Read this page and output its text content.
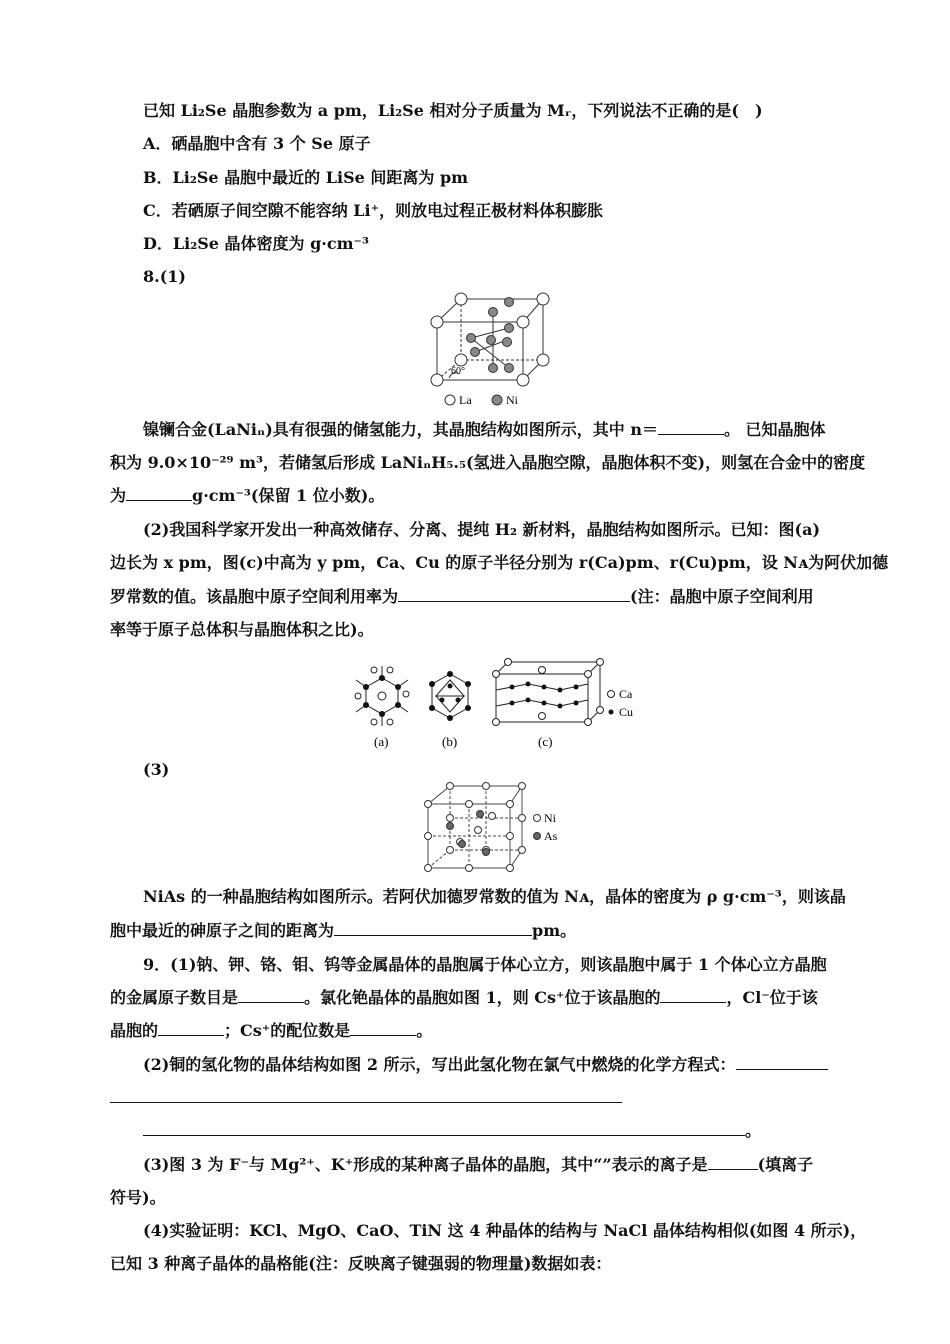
已知 Li₂Se 晶胞参数为 a pm，Li₂Se 相对分子质量为 Mᵣ，下列说法不正确的是(　)
A．硒晶胞中含有 3 个 Se 原子
B．Li₂Se 晶胞中最近的 LiSe 间距离为 pm
C．若硒原子间空隙不能容纳 Li⁺，则放电过程正极材料体积膨胀
D．Li₂Se 晶体密度为 g·cm⁻³
8.(1)
60°
La	Ni
镍镧合金(LaNiₙ)具有很强的储氢能力，其晶胞结构如图所示，其中 n＝	。 已知晶胞体
积为 9.0×10⁻²⁹ m³，若储氢后形成 LaNiₙH₅.₅(氢进入晶胞空隙，晶胞体积不变)，则氢在合金中的密度
为	g·cm⁻³(保留 1 位小数)。
(2)我国科学家开发出一种高效储存、分离、提纯 H₂ 新材料，晶胞结构如图所示。已知：图(a)
边长为 x pm，图(c)中高为 y pm，Ca、Cu 的原子半径分别为 r(Ca)pm、r(Cu)pm，设 Nᴀ为阿伏加德
罗常数的值。该晶胞中原子空间利用率为	(注：晶胞中原子空间利用
率等于原子总体积与晶胞体积之比)。
(a)	(b)	(c)
Ca
Cu
(3)
Ni
As
NiAs 的一种晶胞结构如图所示。若阿伏加德罗常数的值为 Nᴀ，晶体的密度为 ρ g·cm⁻³，则该晶
胞中最近的砷原子之间的距离为	pm。
9．(1)钠、钾、铬、钼、钨等金属晶体的晶胞属于体心立方，则该晶胞中属于 1 个体心立方晶胞
的金属原子数目是	。氯化铯晶体的晶胞如图 1，则 Cs⁺位于该晶胞的	，Cl⁻位于该
晶胞的	；Cs⁺的配位数是	。
(2)铜的氢化物的晶体结构如图 2 所示，写出此氢化物在氯气中燃烧的化学方程式：
。
(3)图 3 为 F⁻与 Mg²⁺、K⁺形成的某种离子晶体的晶胞，其中“”表示的离子是	(填离子
符号)。
(4)实验证明：KCl、MgO、CaO、TiN 这 4 种晶体的结构与 NaCl 晶体结构相似(如图 4 所示)，
已知 3 种离子晶体的晶格能(注：反映离子键强弱的物理量)数据如表：
